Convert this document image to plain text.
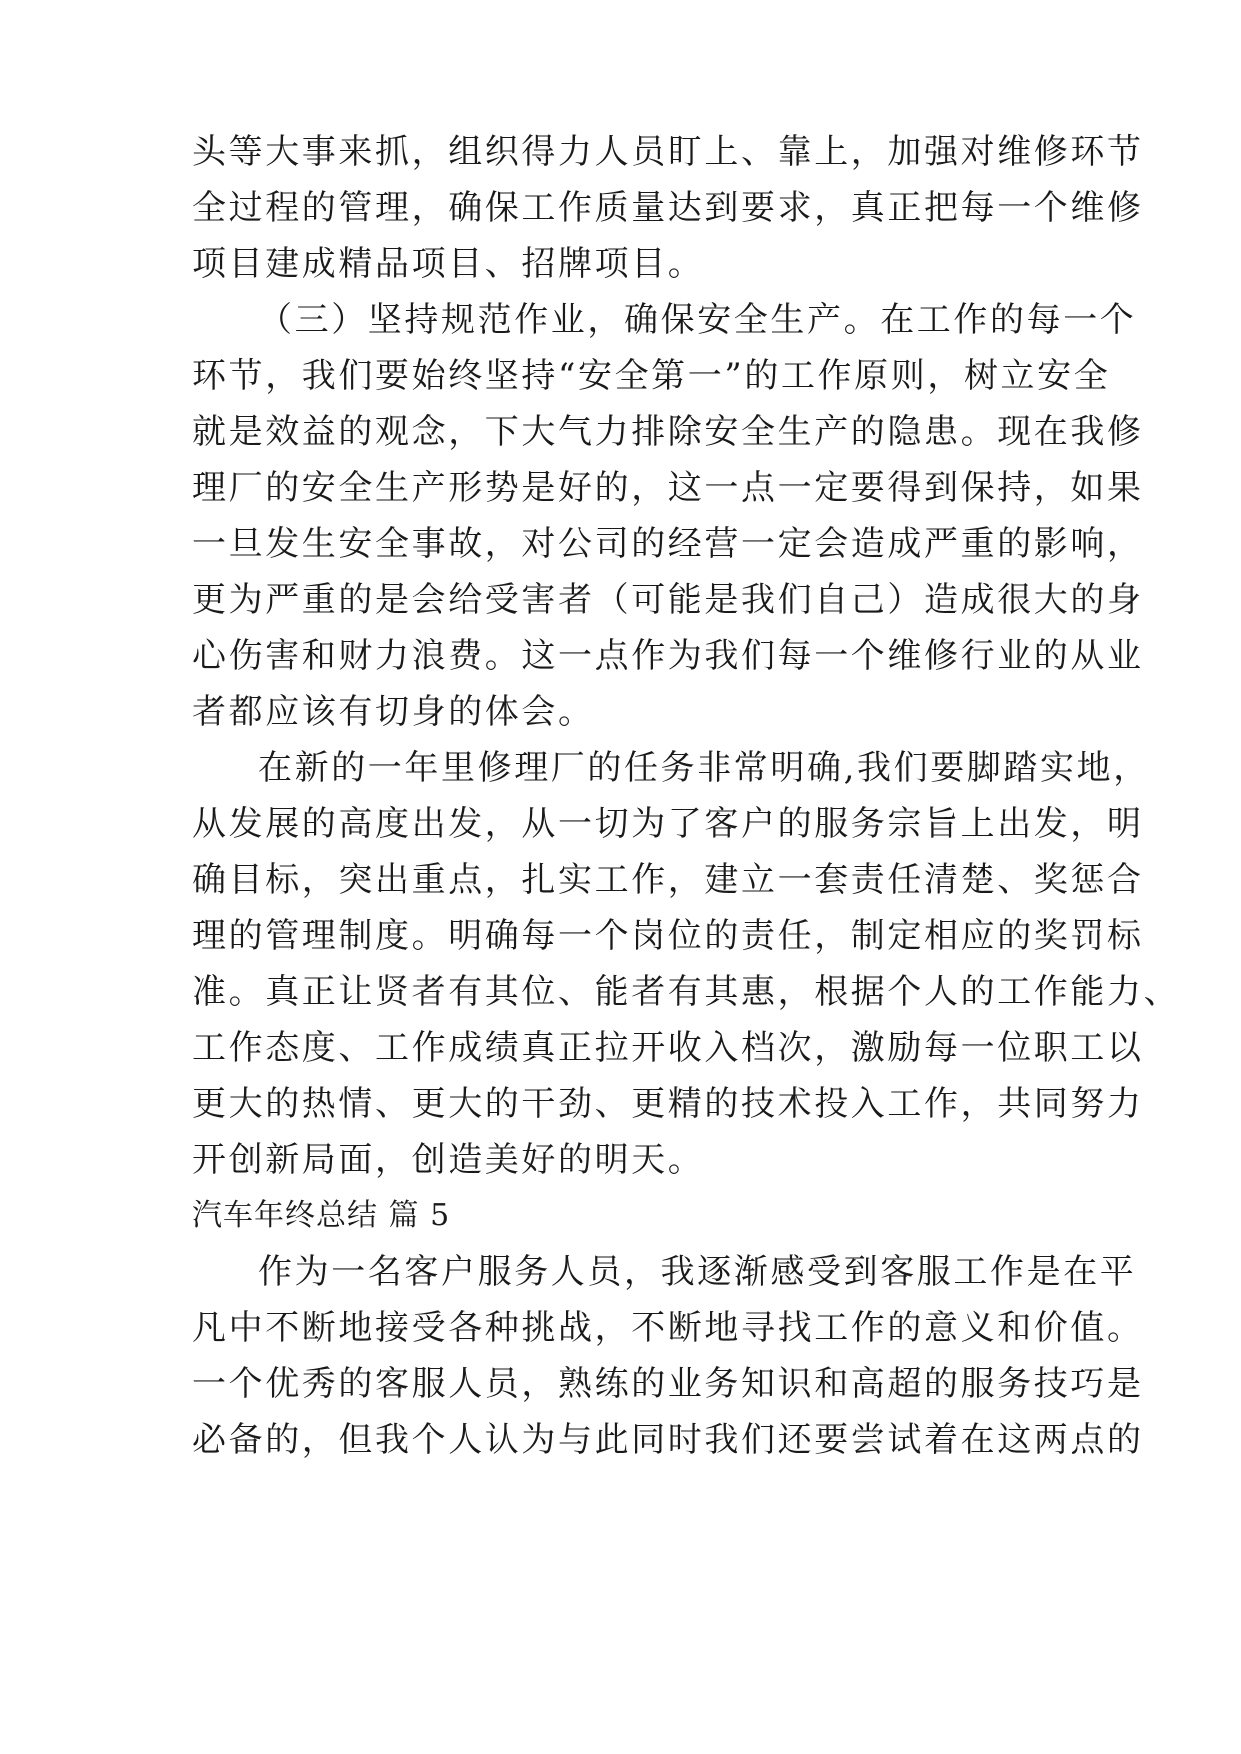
头等大事来抓，组织得力人员盯上、靠上，加强对维修环节
全过程的管理，确保工作质量达到要求，真正把每一个维修
项目建成精品项目、招牌项目。
（三）坚持规范作业，确保安全生产。在工作的每一个
环节，我们要始终坚持“安全第一”的工作原则，树立安全
就是效益的观念，下大气力排除安全生产的隐患。现在我修
理厂的安全生产形势是好的，这一点一定要得到保持，如果
一旦发生安全事故，对公司的经营一定会造成严重的影响，
更为严重的是会给受害者（可能是我们自己）造成很大的身
心伤害和财力浪费。这一点作为我们每一个维修行业的从业
者都应该有切身的体会。
在新的一年里修理厂的任务非常明确,我们要脚踏实地，
从发展的高度出发，从一切为了客户的服务宗旨上出发，明
确目标，突出重点，扎实工作，建立一套责任清楚、奖惩合
理的管理制度。明确每一个岗位的责任，制定相应的奖罚标
准。真正让贤者有其位、能者有其惠，根据个人的工作能力、
工作态度、工作成绩真正拉开收入档次，激励每一位职工以
更大的热情、更大的干劲、更精的技术投入工作，共同努力
开创新局面，创造美好的明天。
汽车年终总结 篇 5
作为一名客户服务人员，我逐渐感受到客服工作是在平
凡中不断地接受各种挑战，不断地寻找工作的意义和价值。
一个优秀的客服人员，熟练的业务知识和高超的服务技巧是
必备的，但我个人认为与此同时我们还要尝试着在这两点的
